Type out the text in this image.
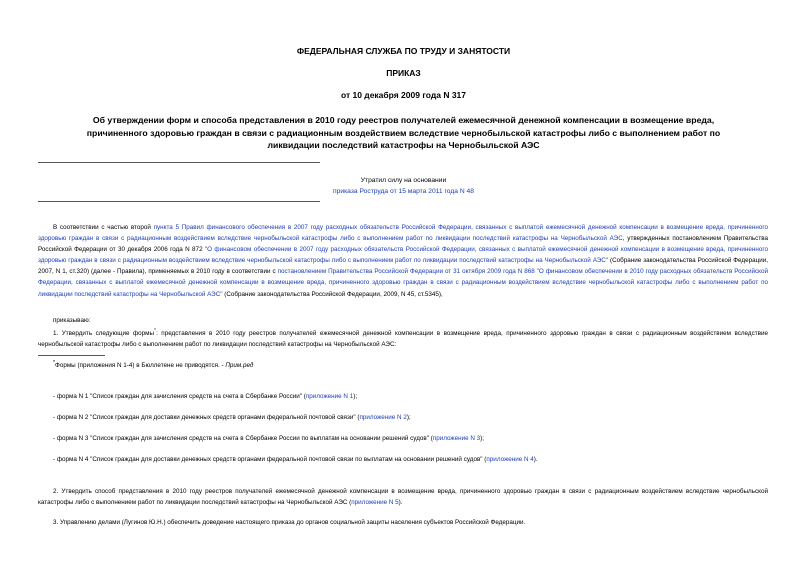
ФЕДЕРАЛЬНАЯ СЛУЖБА ПО ТРУДУ И ЗАНЯТОСТИ
ПРИКАЗ
от 10 декабря 2009 года N 317
Об утверждении форм и способа представления в 2010 году реестров получателей ежемесячной денежной компенсации в возмещение вреда, причиненного здоровью граждан в связи с радиационным воздействием вследствие чернобыльской катастрофы либо с выполнением работ по ликвидации последствий катастрофы на Чернобыльской АЭС
Утратил силу на основании
приказа Роструда от 15 марта 2011 года N 48
В соответствии с частью второй пункта 5 Правил финансового обеспечения в 2007 году расходных обязательств Российской Федерации, связанных с выплатой ежемесячной денежной компенсации в возмещение вреда, причиненного здоровью граждан в связи с радиационным воздействием вследствие чернобыльской катастрофы либо с выполнением работ по ликвидации последствий катастрофы на Чернобыльской АЭС, утвержденных постановлением Правительства Российской Федерации от 30 декабря 2006 года N 872 "О финансовом обеспечении в 2007 году расходных обязательств Российской Федерации, связанных с выплатой ежемесячной денежной компенсации в возмещение вреда, причиненного здоровью граждан в связи с радиационным воздействием вследствие чернобыльской катастрофы либо с выполнением работ по ликвидации последствий катастрофы на Чернобыльской АЭС" (Собрание законодательства Российской Федерации, 2007, N 1, ст.320) (далее - Правила), применяемых в 2010 году в соответствии с постановлением Правительства Российской Федерации от 31 октября 2009 года N 868 "О финансовом обеспечении в 2010 году расходных обязательств Российской Федерации, связанных с выплатой ежемесячной денежной компенсации в возмещение вреда, причиненного здоровью граждан в связи с радиационным воздействием вследствие чернобыльской катастрофы либо с выполнением работ по ликвидации последствий катастрофы на Чернобыльской АЭС" (Собрание законодательства Российской Федерации, 2009, N 45, ст.5345),
приказываю:
1. Утвердить следующие формы*: представления в 2010 году реестров получателей ежемесячной денежной компенсации в возмещение вреда, причиненного здоровью граждан в связи с радиационным воздействием вследствие чернобыльской катастрофы либо с выполнением работ по ликвидации последствий катастрофы на Чернобыльской АЭС:
*Формы (приложения N 1-4) в Бюллетене не приводятся. - Прим.ред
- форма N 1 "Список граждан для зачисления средств на счета в Сбербанке России" (приложение N 1);
- форма N 2 "Список граждан для доставки денежных средств органами федеральной почтовой связи" (приложение N 2);
- форма N 3 "Список граждан для зачисления средств на счета в Сбербанке России по выплатам на основании решений судов" (приложение N 3);
- форма N 4 "Список граждан для доставки денежных средств органами федеральной почтовой связи по выплатам на основании решений судов" (приложение N 4).
2. Утвердить способ представления в 2010 году реестров получателей ежемесячной денежной компенсации в возмещение вреда, причиненного здоровью граждан в связи с радиационным воздействием вследствие чернобыльской катастрофы либо с выполнением работ по ликвидации последствий катастрофы на Чернобыльской АЭС (приложение N 5).
3. Управлению делами (Лугинов Ю.Н.) обеспечить доведение настоящего приказа до органов социальной защиты населения субъектов Российской Федерации.
